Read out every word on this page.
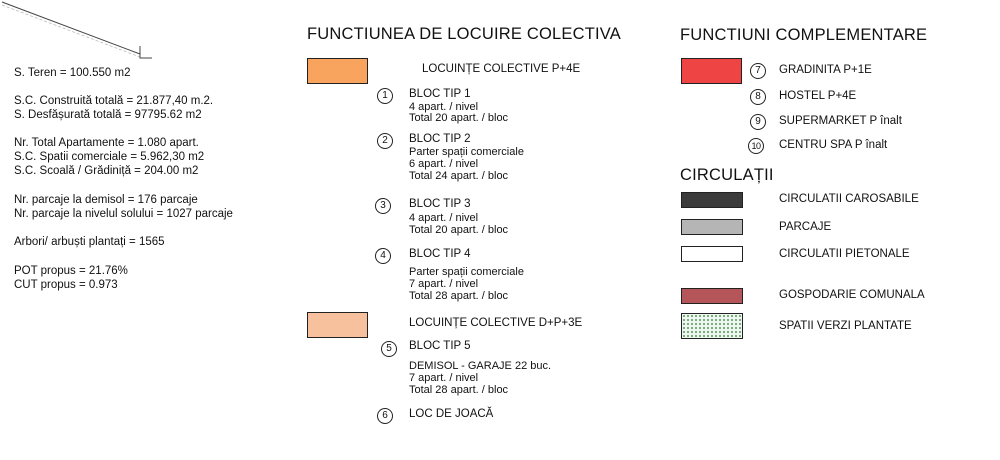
S. Teren = 100.550 m2
S.C. Construită totală = 21.877,40 m.2.
S. Desfășurată totală = 97795.62 m2
Nr. Total Apartamente = 1.080 apart.
S.C. Spatii comerciale = 5.962,30 m2
S.C. Scoală / Grădiniță = 204.00 m2
Nr. parcaje la demisol = 176 parcaje
Nr. parcaje la nivelul solului = 1027 parcaje
Arbori/ arbuști plantați = 1565
POT propus = 21.76%
CUT propus = 0.973
FUNCTIUNEA DE LOCUIRE COLECTIVA
LOCUINȚE COLECTIVE P+4E
1	BLOC TIP 1
4 apart. / nivel
Total 20 apart. / bloc
2	BLOC TIP 2
Parter spații comerciale
6 apart. / nivel
Total 24 apart. / bloc
3	BLOC TIP 3
4 apart. / nivel
Total 20 apart. / bloc
4	BLOC TIP 4
Parter spații comerciale
7 apart. / nivel
Total 28 apart. / bloc
LOCUINȚE COLECTIVE D+P+3E
5	BLOC TIP 5
DEMISOL - GARAJE 22 buc.
7 apart. / nivel
Total 28 apart. / bloc
6	LOC DE JOACĂ
FUNCTIUNI COMPLEMENTARE
7	GRADINITA P+1E
8	HOSTEL P+4E
9	SUPERMARKET P înalt
10	CENTRU SPA P înalt
CIRCULAȚII
CIRCULATII CAROSABILE
PARCAJE
CIRCULATII PIETONALE
GOSPODARIE COMUNALA
SPATII VERZI PLANTATE
